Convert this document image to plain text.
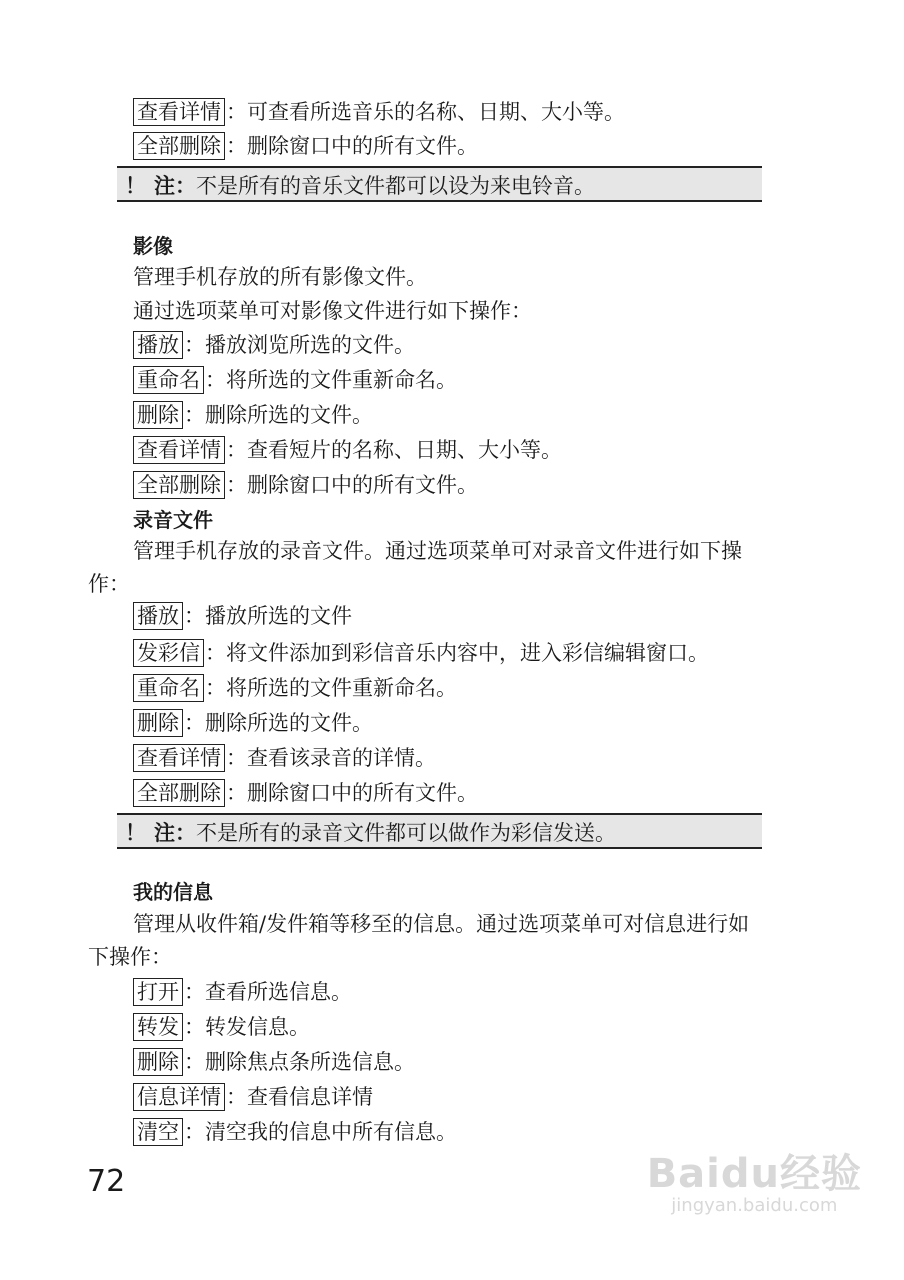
查看详情 ：可查看所选音乐的名称、日期、大小等。
全部删除 ：删除窗口中的所有文件。
！ 注：不是所有的音乐文件都可以设为来电铃音。
影像
管理手机存放的所有影像文件。
通过选项菜单可对影像文件进行如下操作：
播放 ：播放浏览所选的文件。
重命名 ：将所选的文件重新命名。
删除 ：删除所选的文件。
查看详情 ：查看短片的名称、日期、大小等。
全部删除 ：删除窗口中的所有文件。
录音文件
管理手机存放的录音文件。通过选项菜单可对录音文件进行如下操
作：
播放 ：播放所选的文件
发彩信 ：将文件添加到彩信音乐内容中，进入彩信编辑窗口。
重命名 ：将所选的文件重新命名。
删除 ：删除所选的文件。
查看详情 ：查看该录音的详情。
全部删除 ：删除窗口中的所有文件。
！ 注：不是所有的录音文件都可以做作为彩信发送。
我的信息
管理从收件箱/发件箱等移至的信息。通过选项菜单可对信息进行如
下操作：
打开 ：查看所选信息。
转发 ：转发信息。
删除 ：删除焦点条所选信息。
信息详情 ：查看信息详情
清空 ：清空我的信息中所有信息。
72	Baidu经验
jingyan.baidu.com
